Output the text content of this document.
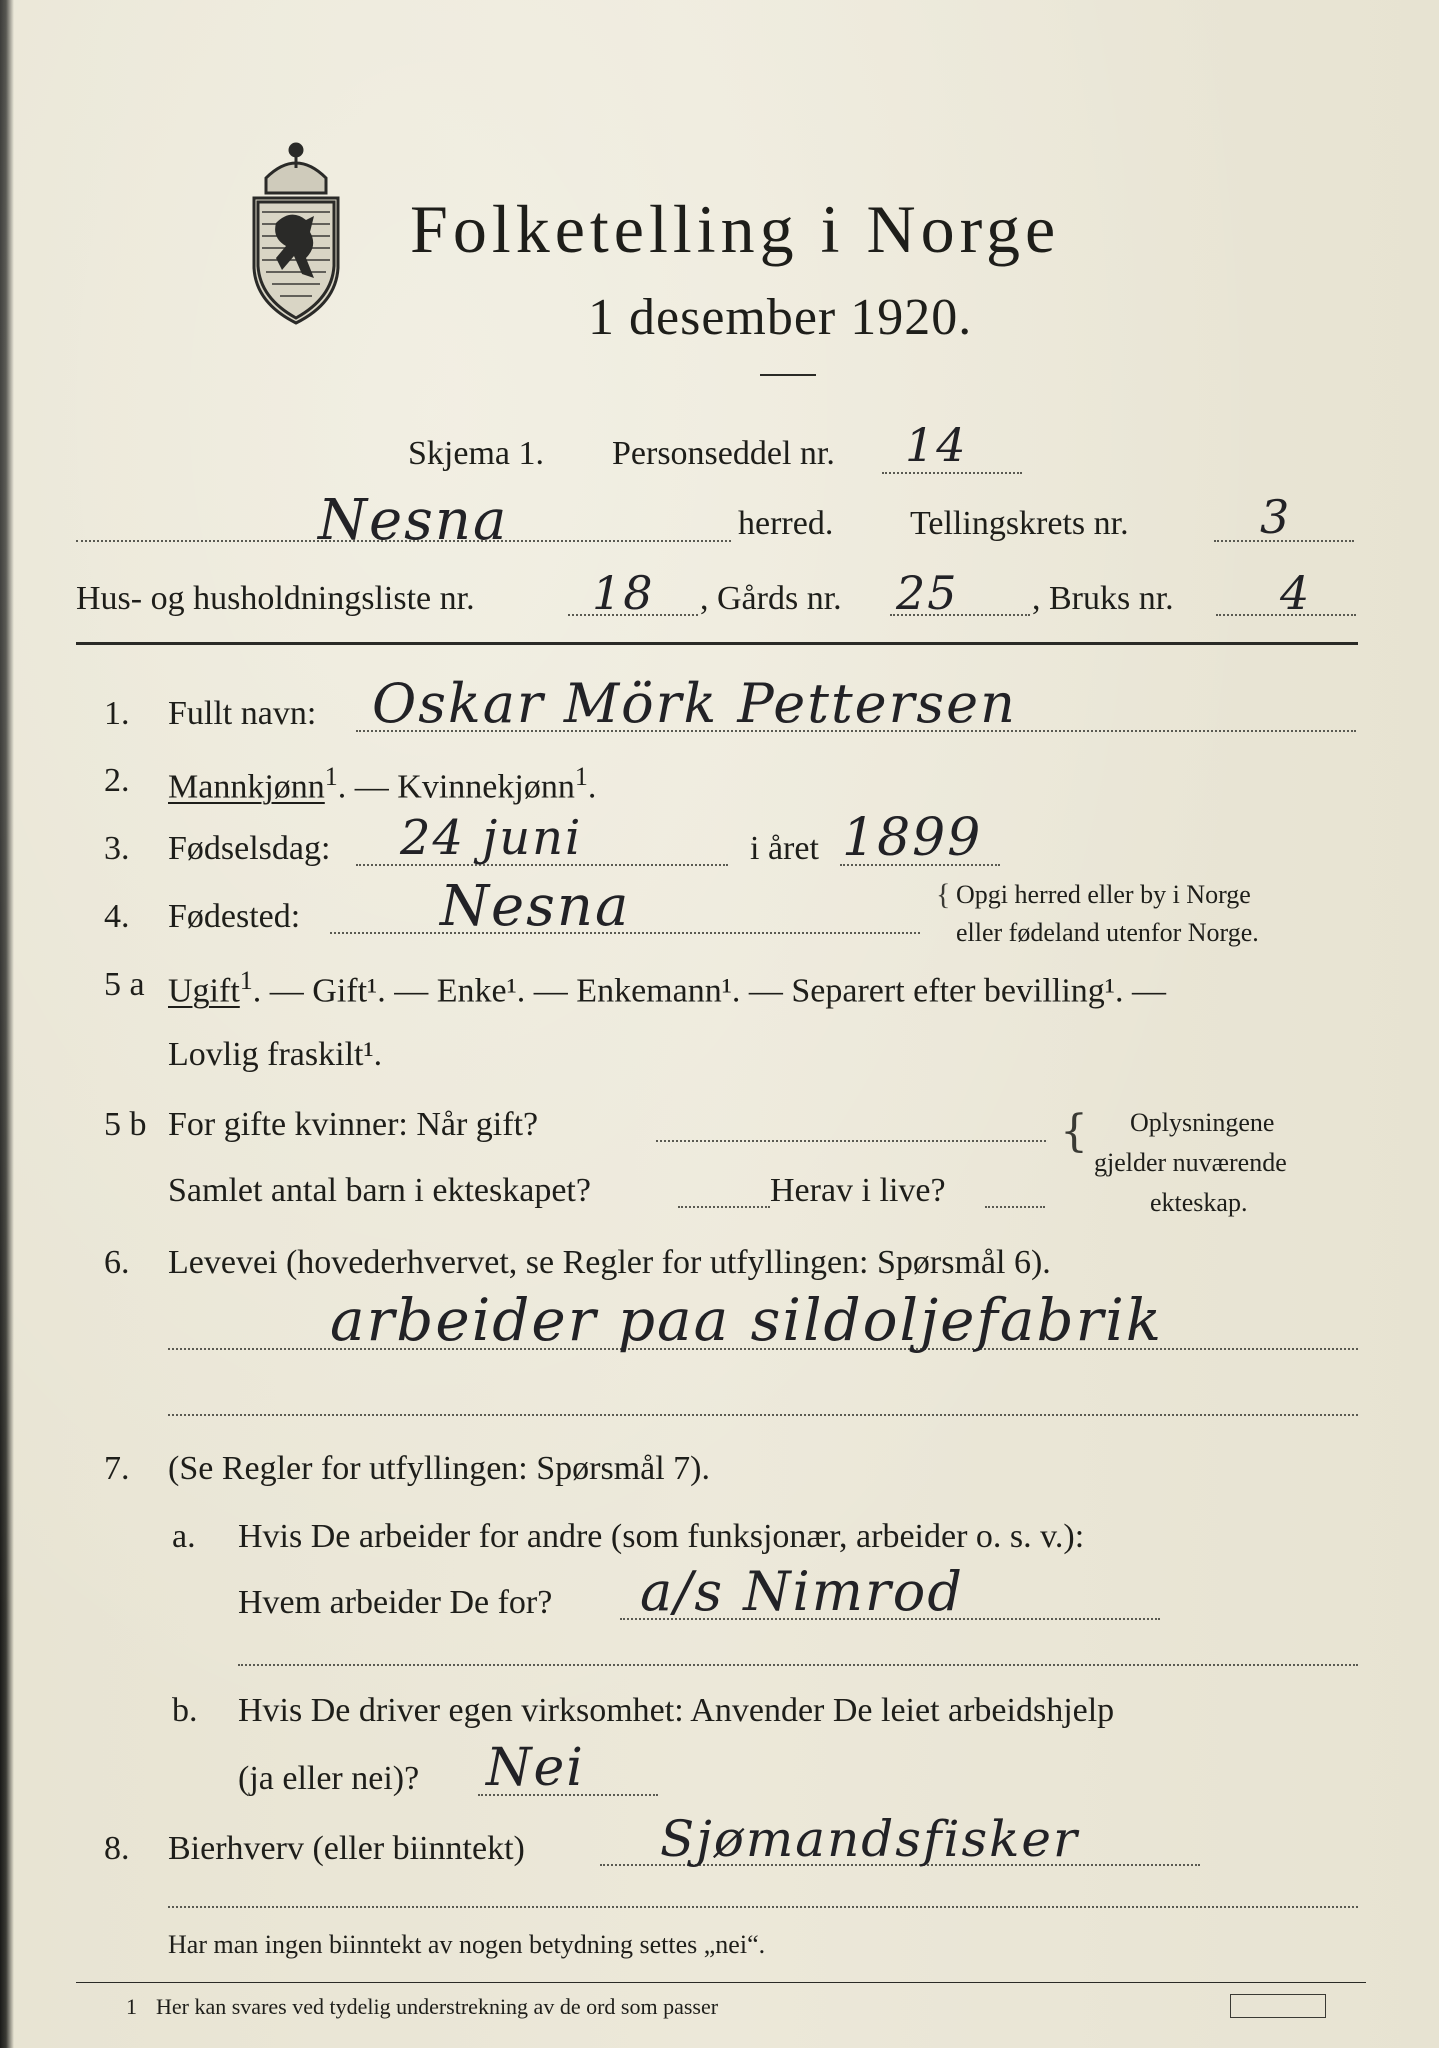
Folketelling i Norge
1 desember 1920.
Skjema 1. Personseddel nr. 14
Nesna	herred. Tellingskrets nr.	3
Hus- og husholdningsliste nr.	18 , Gårds nr. 25 , Bruks nr. 4
1. Fullt navn: Oskar Mörk Pettersen
2. Mannkjønn$^1$. — Kvinnekjønn$^1$.
3. Fødselsdag: 24 juni	i året 1899
4. Fødested: Nesna	{ Opgi herred eller by i Norge
eller fødeland utenfor Norge.
5 a Ugift$^1$. — Gift¹. — Enke¹. — Enkemann¹. — Separert efter bevilling¹. —
Lovlig fraskilt¹.
5 b For gifte kvinner: Når gift?
Samlet antal barn i ekteskapet?	Herav i live?
{ Oplysningene
gjelder nuværende
ekteskap.
6. Levevei (hovederhvervet, se Regler for utfyllingen: Spørsmål 6).
arbeider paa sildoljefabrik
7. (Se Regler for utfyllingen: Spørsmål 7).
a. Hvis De arbeider for andre (som funksjonær, arbeider o. s. v.):
Hvem arbeider De for? a/s Nimrod
b. Hvis De driver egen virksomhet: Anvender De leiet arbeidshjelp
(ja eller nei)? Nei
8. Bierhverv (eller biinntekt)	Sjømandsfisker
Har man ingen biinntekt av nogen betydning settes „nei“.
1 Her kan svares ved tydelig understrekning av de ord som passer
